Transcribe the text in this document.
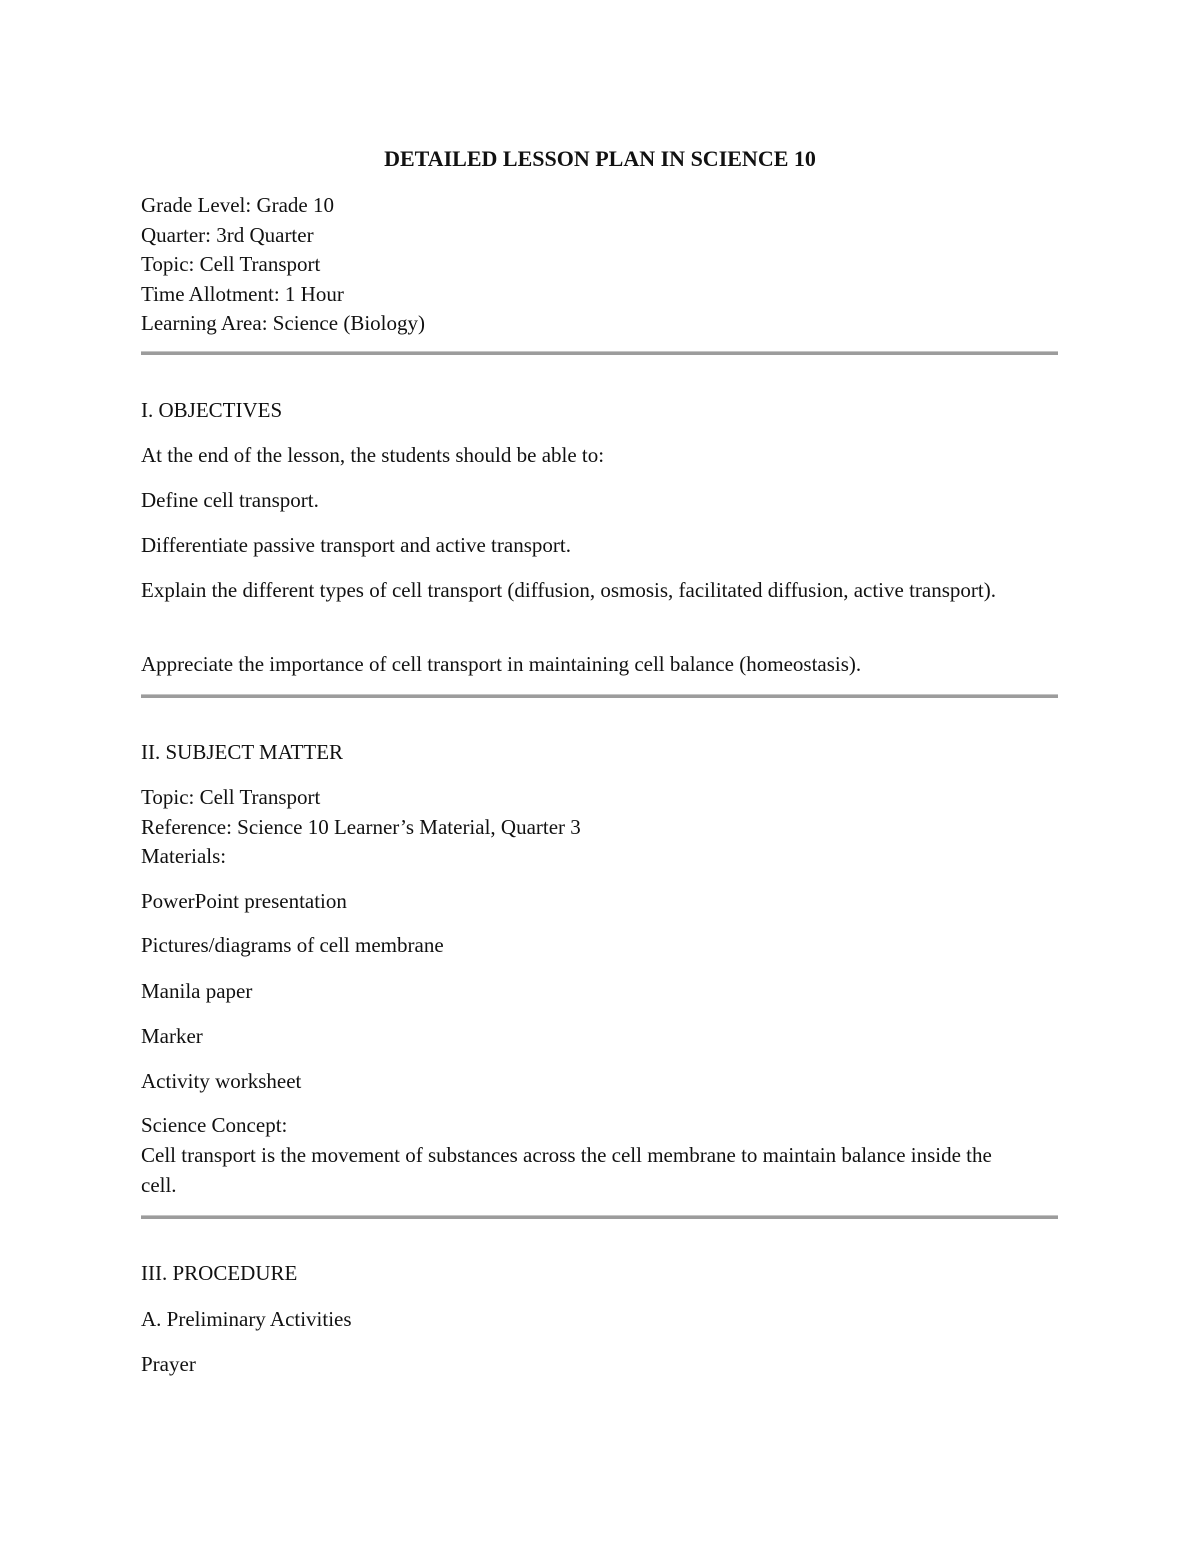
DETAILED LESSON PLAN IN SCIENCE 10
Grade Level: Grade 10
Quarter: 3rd Quarter
Topic: Cell Transport
Time Allotment: 1 Hour
Learning Area: Science (Biology)
I. OBJECTIVES
At the end of the lesson, the students should be able to:
Define cell transport.
Differentiate passive transport and active transport.
Explain the different types of cell transport (diffusion, osmosis, facilitated diffusion, active transport).
Appreciate the importance of cell transport in maintaining cell balance (homeostasis).
II. SUBJECT MATTER
Topic: Cell Transport
Reference: Science 10 Learner’s Material, Quarter 3
Materials:
PowerPoint presentation
Pictures/diagrams of cell membrane
Manila paper
Marker
Activity worksheet
Science Concept:
Cell transport is the movement of substances across the cell membrane to maintain balance inside the cell.
III. PROCEDURE
A. Preliminary Activities
Prayer
